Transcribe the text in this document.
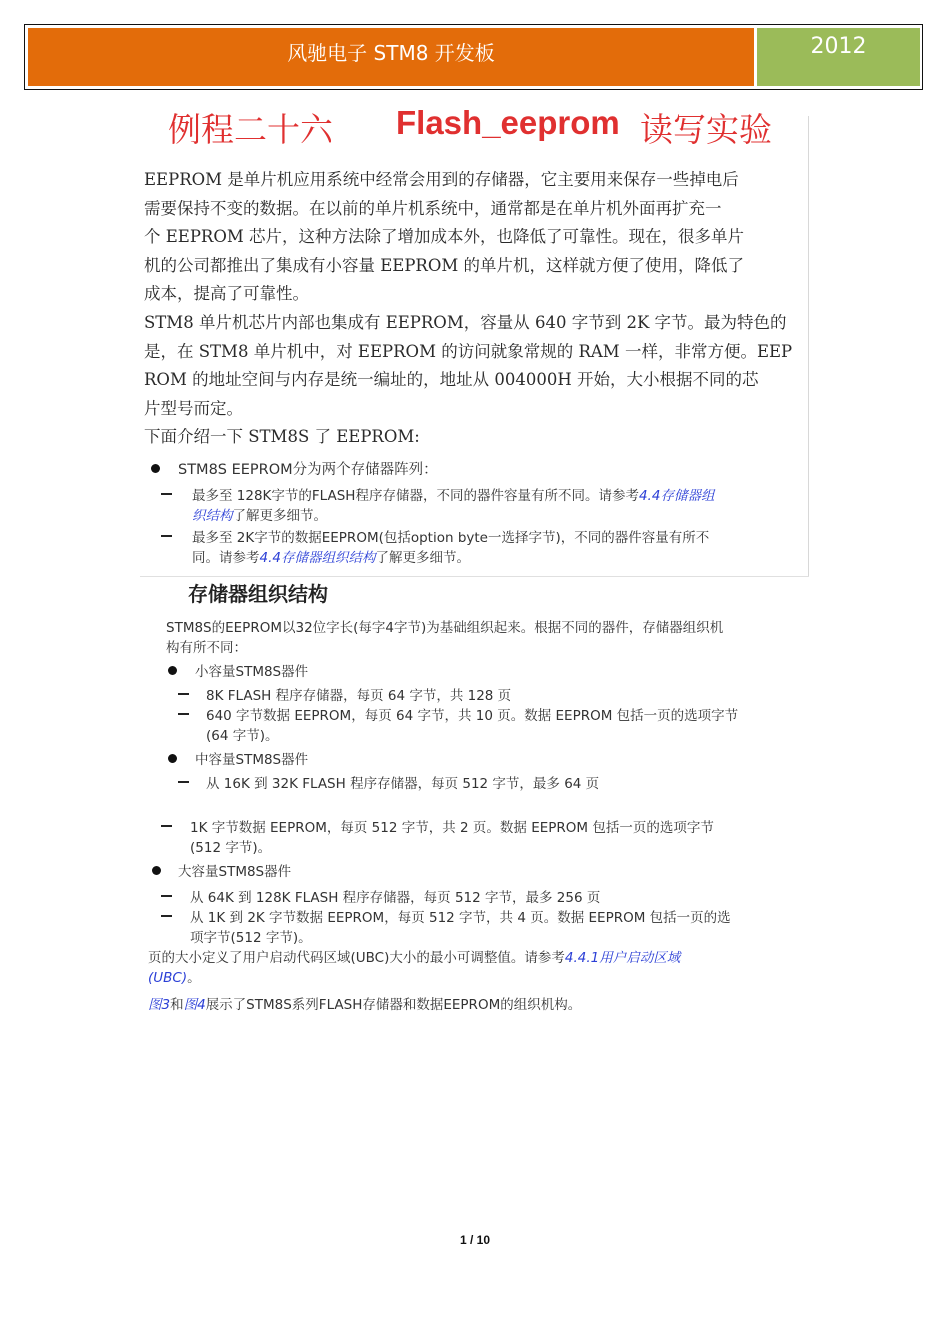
风驰电子 STM8 开发板	2012
例程二十六 Flash_eeprom 读写实验

EEPROM 是单片机应用系统中经常会用到的存储器，它主要用来保存一些掉电后

需要保持不变的数据。在以前的单片机系统中，通常都是在单片机外面再扩充一

个 EEPROM 芯片，这种方法除了增加成本外，也降低了可靠性。现在，很多单片

机的公司都推出了集成有小容量 EEPROM 的单片机，这样就方便了使用，降低了

成本，提高了可靠性。

STM8 单片机芯片内部也集成有 EEPROM，容量从 640 字节到 2K 字节。最为特色的

是，在 STM8 单片机中，对 EEPROM 的访问就象常规的 RAM 一样，非常方便。EEP

ROM 的地址空间与内存是统一编址的，地址从 004000H 开始，大小根据不同的芯

片型号而定。

下面介绍一下 STM8S 了 EEPROM:

STM8S EEPROM分为两个存储器阵列：
最多至 128K字节的FLASH程序存储器，不同的器件容量有所不同。请参考4.4存储器组
织结构了解更多细节。
最多至 2K字节的数据EEPROM(包括option byte一选择字节)，不同的器件容量有所不
同。请参考4.4存储器组织结构了解更多细节。
存储器组织结构
STM8S的EEPROM以32位字长(每字4字节)为基础组织起来。根据不同的器件，存储器组织机
构有所不同：
小容量STM8S器件
8K FLASH 程序存储器，每页 64 字节，共 128 页
640 字节数据 EEPROM，每页 64 字节，共 10 页。数据 EEPROM 包括一页的选项字节
(64 字节)。
中容量STM8S器件
从 16K 到 32K FLASH 程序存储器，每页 512 字节，最多 64 页
1K 字节数据 EEPROM，每页 512 字节，共 2 页。数据 EEPROM 包括一页的选项字节
(512 字节)。
大容量STM8S器件
从 64K 到 128K FLASH 程序存储器，每页 512 字节，最多 256 页
从 1K 到 2K 字节数据 EEPROM，每页 512 字节，共 4 页。数据 EEPROM 包括一页的选
项字节(512 字节)。
页的大小定义了用户启动代码区域(UBC)大小的最小可调整值。请参考4.4.1用户启动区域
(UBC)。
图3和图4展示了STM8S系列FLASH存储器和数据EEPROM的组织机构。
1 / 10
